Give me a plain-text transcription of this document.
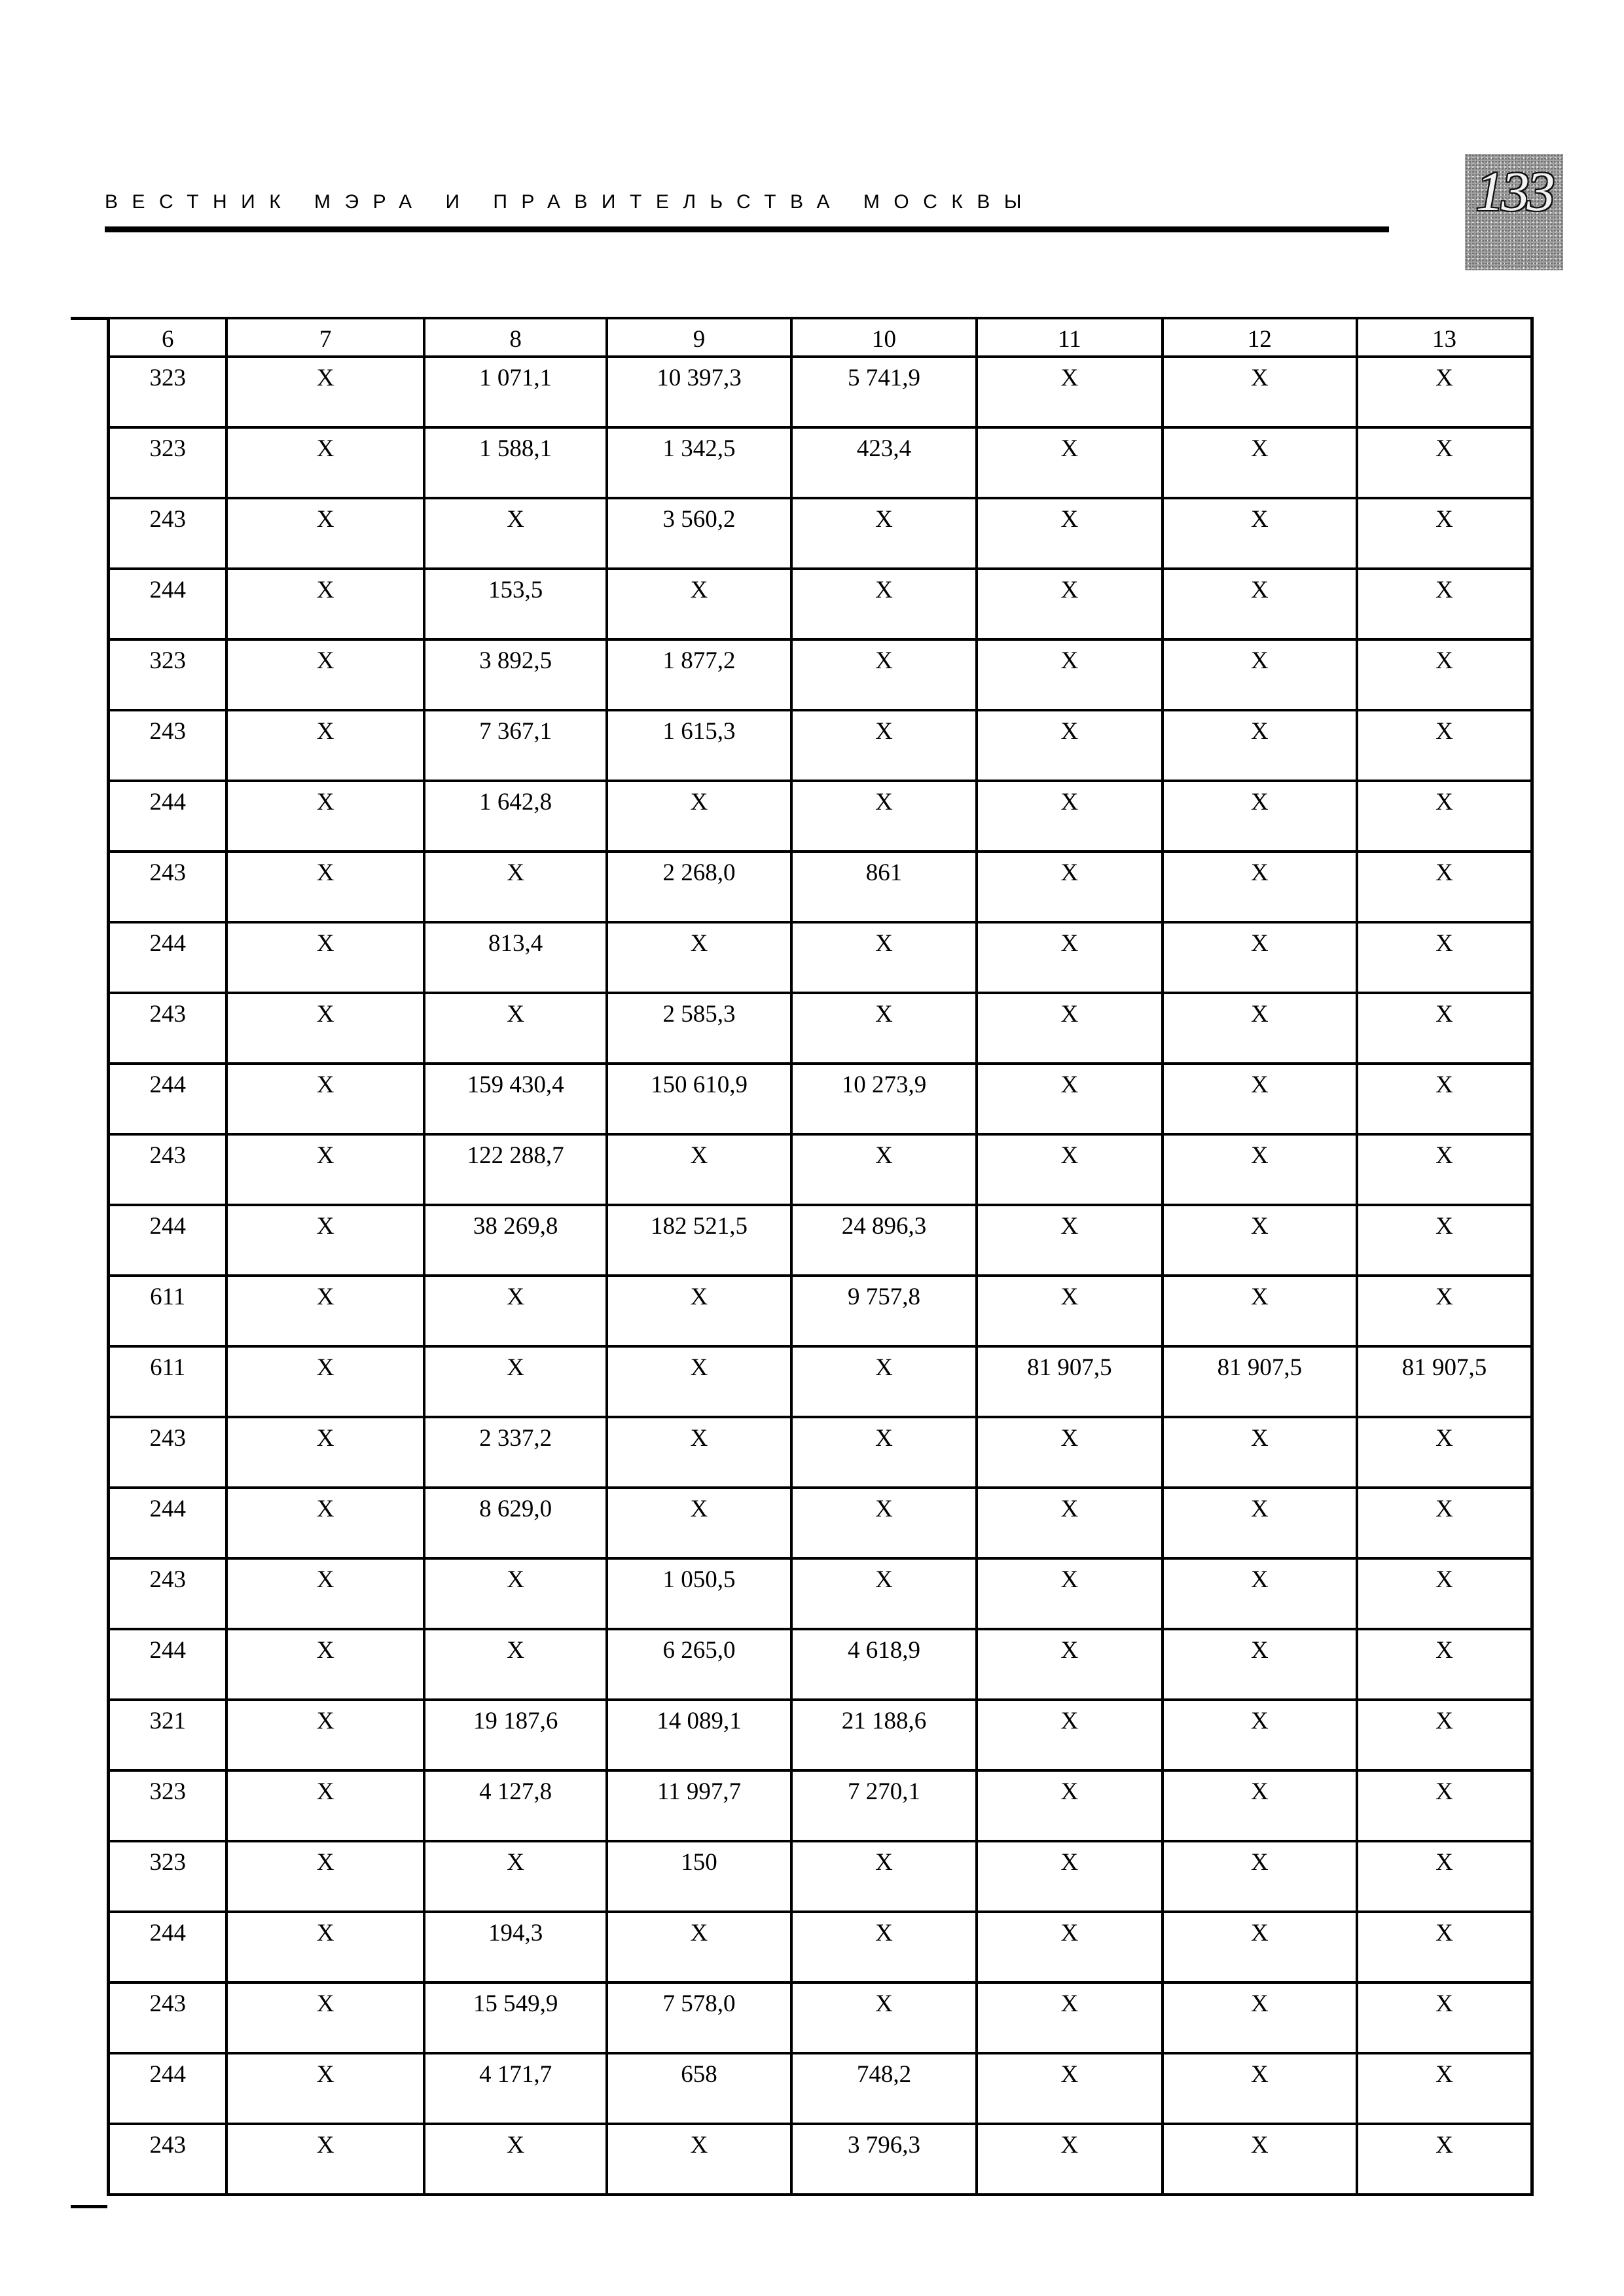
ВЕСТНИК МЭРА И ПРАВИТЕЛЬСТВА МОСКВЫ	133
6	7	8	9	10	11	12	13

323	Х	1 071,1	10 397,3	5 741,9	Х	Х	Х

323	Х	1 588,1	1 342,5	423,4	Х	Х	Х

243	Х	Х	3 560,2	Х	Х	Х	Х

244	Х	153,5	Х	Х	Х	Х	Х

323	Х	3 892,5	1 877,2	Х	Х	Х	Х

243	Х	7 367,1	1 615,3	Х	Х	Х	Х

244	Х	1 642,8	Х	Х	Х	Х	Х

243	Х	Х	2 268,0	861	Х	Х	Х

244	Х	813,4	Х	Х	Х	Х	Х

243	Х	Х	2 585,3	Х	Х	Х	Х

244	Х	159 430,4	150 610,9	10 273,9	Х	Х	Х

243	Х	122 288,7	Х	Х	Х	Х	Х

244	Х	38 269,8	182 521,5	24 896,3	Х	Х	Х

611	Х	Х	Х	9 757,8	Х	Х	Х

611	Х	Х	Х	Х	81 907,5	81 907,5	81 907,5

243	Х	2 337,2	Х	Х	Х	Х	Х

244	Х	8 629,0	Х	Х	Х	Х	Х

243	Х	Х	1 050,5	Х	Х	Х	Х

244	Х	Х	6 265,0	4 618,9	Х	Х	Х

321	Х	19 187,6	14 089,1	21 188,6	Х	Х	Х

323	Х	4 127,8	11 997,7	7 270,1	Х	Х	Х

323	Х	Х	150	Х	Х	Х	Х

244	Х	194,3	Х	Х	Х	Х	Х

243	Х	15 549,9	7 578,0	Х	Х	Х	Х

244	Х	4 171,7	658	748,2	Х	Х	Х

243	Х	Х	Х	3 796,3	Х	Х	Х
